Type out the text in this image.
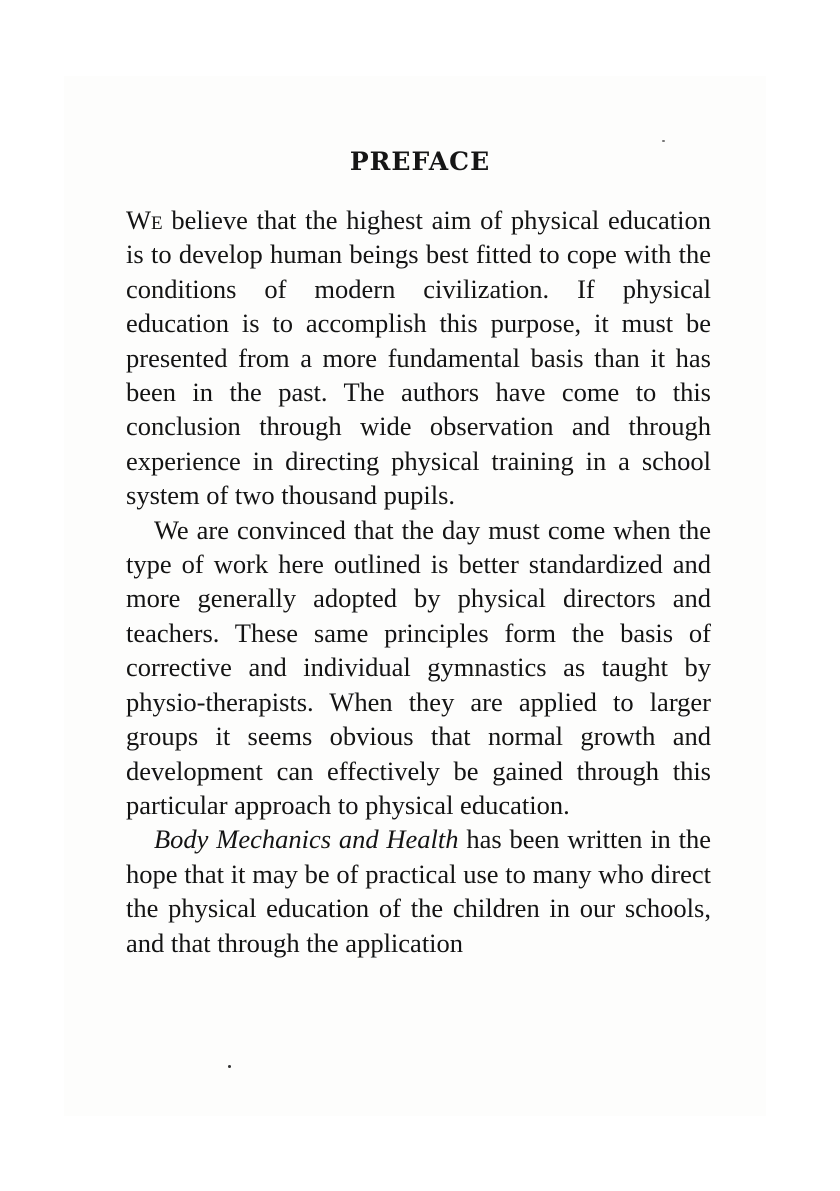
PREFACE

We believe that the highest aim of physical education is to develop human beings best fitted to cope with the conditions of modern civilization. If physical education is to accomplish this purpose, it must be presented from a more fundamental basis than it has been in the past. The authors have come to this conclusion through wide observation and through experience in directing physical training in a school system of two thousand pupils.

We are convinced that the day must come when the type of work here outlined is better standardized and more generally adopted by physical directors and teachers. These same principles form the basis of corrective and individual gymnastics as taught by physio-therapists. When they are applied to larger groups it seems obvious that normal growth and development can effectively be gained through this particular approach to physical education.

Body Mechanics and Health has been written in the hope that it may be of practical use to many who direct the physical education of the children in our schools, and that through the application
